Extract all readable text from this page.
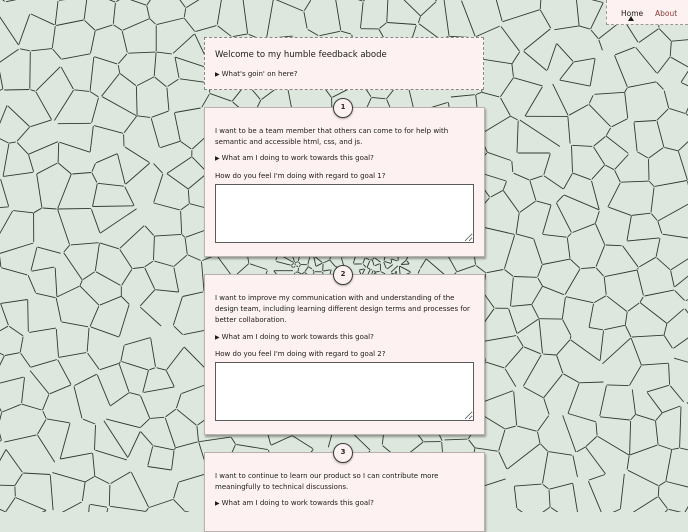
Home About
Welcome to my humble feedback abode
▶ What's goin' on here?
1
I want to be a team member that others can come to for help with semantic and accessible html, css, and js.
▶ What am I doing to work towards this goal?
How do you feel I'm doing with regard to goal 1?
2
I want to improve my communication with and understanding of the design team, including learning different design terms and processes for better collaboration.
▶ What am I doing to work towards this goal?
How do you feel I'm doing with regard to goal 2?
3
I want to continue to learn our product so I can contribute more meaningfully to technical discussions.
▶ What am I doing to work towards this goal?
